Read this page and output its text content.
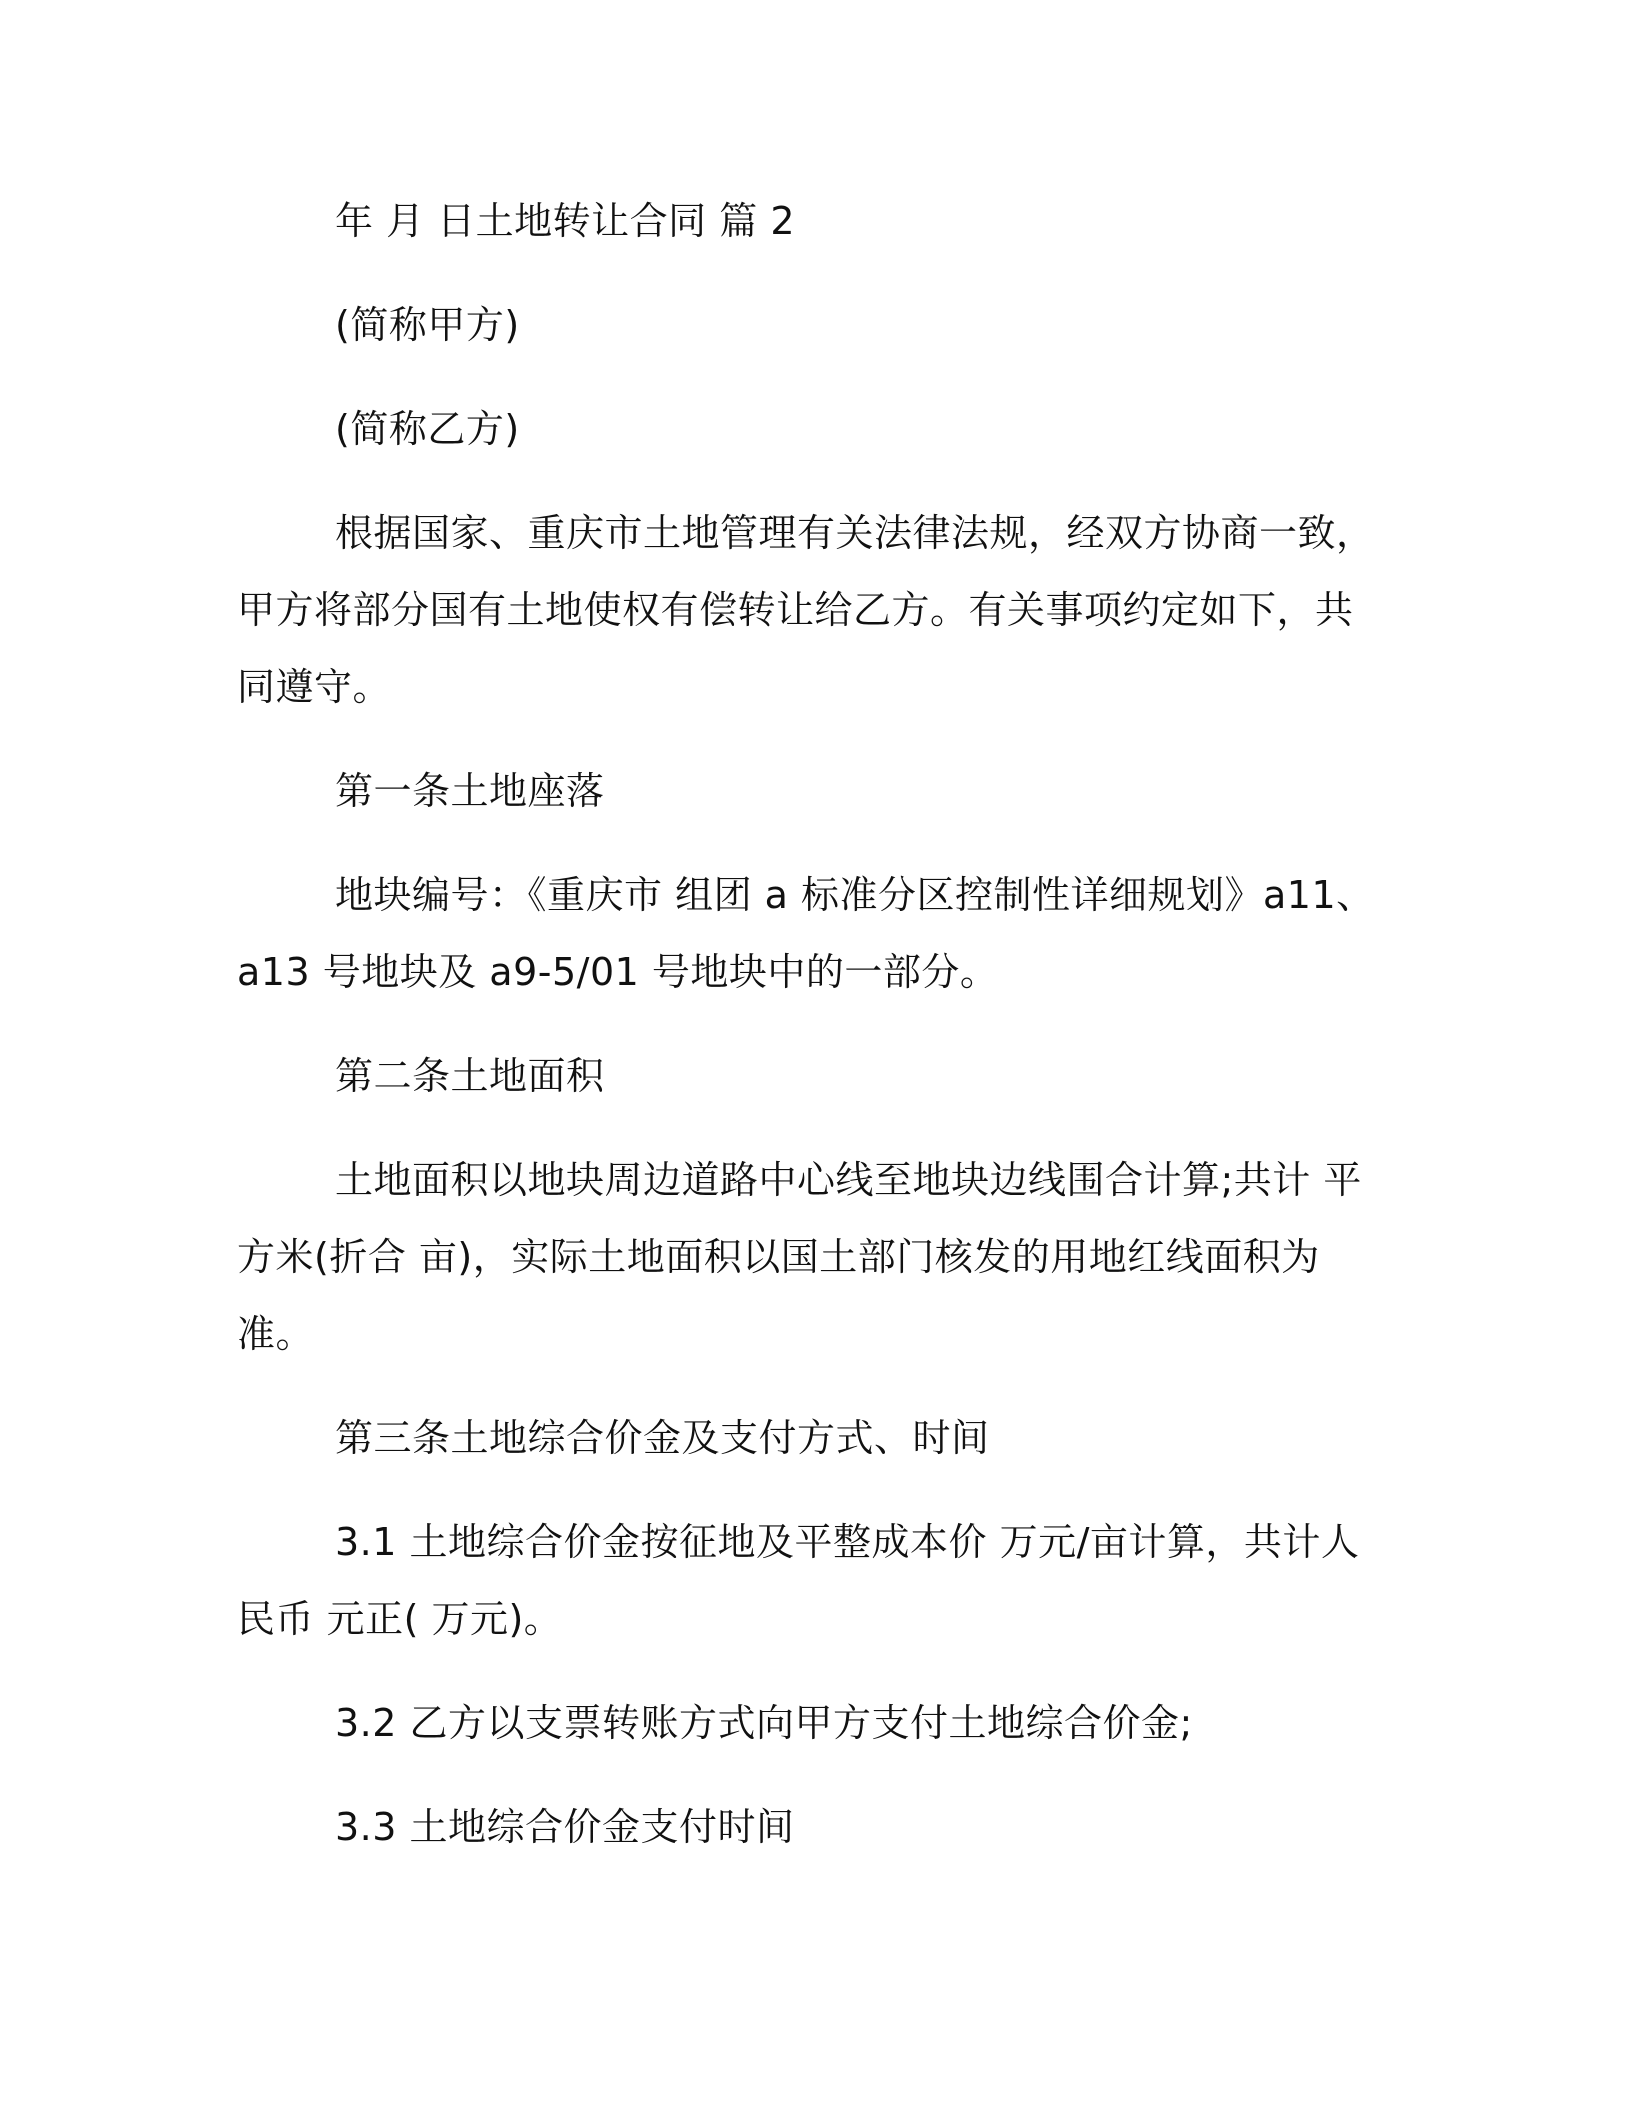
年 月 日土地转让合同 篇 2

(简称甲方)

(简称乙方)

根据国家、重庆市土地管理有关法律法规，经双方协商一致，甲方将部分国有土地使权有偿转让给乙方。有关事项约定如下，共同遵守。

第一条土地座落

地块编号：《重庆市 组团 a 标准分区控制性详细规划》a11、a13 号地块及 a9-5/01 号地块中的一部分。

第二条土地面积

土地面积以地块周边道路中心线至地块边线围合计算;共计 平方米(折合 亩)，实际土地面积以国土部门核发的用地红线面积为准。

第三条土地综合价金及支付方式、时间

3.1 土地综合价金按征地及平整成本价 万元/亩计算，共计人民币 元正( 万元)。

3.2 乙方以支票转账方式向甲方支付土地综合价金;

3.3 土地综合价金支付时间
